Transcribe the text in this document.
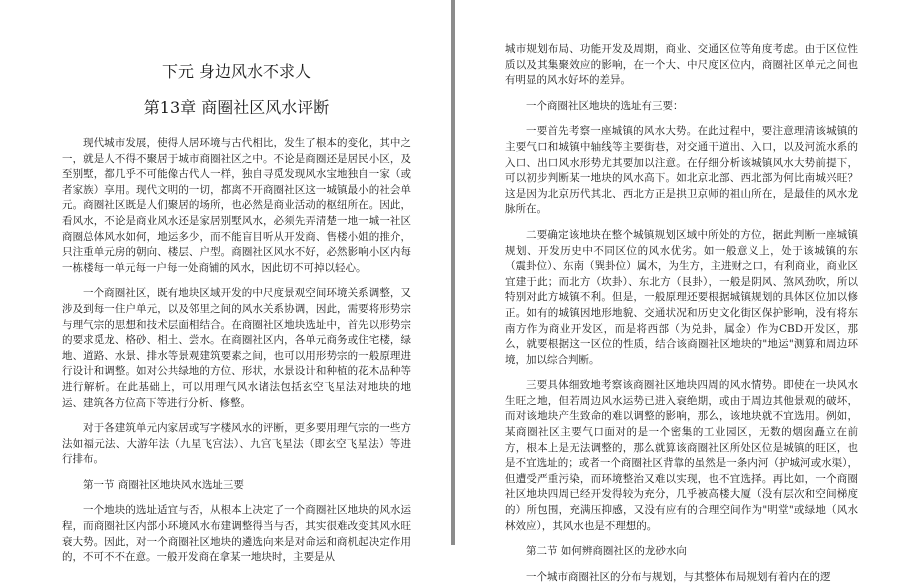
下元 身边风水不求人
第13章 商圈社区风水评断

现代城市发展，使得人居环境与古代相比，发生了根本的变化，其中之一，就是人不得不聚居于城市商圈社区之中。不论是商圈还是居民小区，及至别墅，都几乎不可能像古代人一样，独自寻觅发现风水宝地独自一家（或者家族）享用。现代文明的一切，都离不开商圈社区这一城镇最小的社会单元。商圈社区既是人们聚居的场所，也必然是商业活动的枢纽所在。因此，看风水，不论是商业风水还是家居别墅风水，必须先弄清楚一地一城一社区商圈总体风水如何，地运多少，而不能盲目听从开发商、售楼小姐的推介，只注重单元房的朝向、楼层、户型。商圈社区风水不好，必然影响小区内每一栋楼每一单元每一户每一处商铺的风水，因此切不可掉以轻心。

一个商圈社区，既有地块区域开发的中尺度景观空间环境关系调整，又涉及到每一住户单元，以及邻里之间的风水关系协调，因此，需要将形势宗与理气宗的思想和技术层面相结合。在商圈社区地块选址中，首先以形势宗的要求觅龙、格砂、相土、尝水。在商圈社区内，各单元商务或住宅楼，绿地、道路、水景、排水等景观建筑要素之间，也可以用形势宗的一般原理进行设计和调整。如对公共绿地的方位、形状，水景设计和种植的花木品种等进行解析。在此基础上，可以用理气风水诸法包括玄空飞星法对地块的地运、建筑各方位高下等进行分析、修整。

对于各建筑单元内家居或写字楼风水的评断，更多要用理气宗的一些方法如福元法、大游年法（九星飞宫法）、九宫飞星法（即玄空飞星法）等进行排布。

第一节 商圈社区地块风水选址三要

一个地块的选址适宜与否，从根本上决定了一个商圈社区地块的风水运程，而商圈社区内部小环境风水布建调整得当与否，其实很难改变其风水旺衰大势。因此，对一个商圈社区地块的遴选向来是对命运和商机起决定作用的，不可不不在意。一般开发商在拿某一地块时，主要是从

城市规划布局、功能开发及周期，商业、交通区位等角度考虑。由于区位性质以及其集聚效应的影响，在一个大、中尺度区位内，商圈社区单元之间也有明显的风水好坏的差异。

一个商圈社区地块的选址有三要：

一要首先考察一座城镇的风水大势。在此过程中，要注意理清该城镇的主要气口和城镇中轴线等主要街巷，对交通干道出、入口，以及河流水系的入口、出口风水形势尤其要加以注意。在仔细分析该城镇风水大势前提下，可以初步判断某一地块的风水高下。如北京北部、西北部为何比南城兴旺？这是因为北京历代其北、西北方正是拱卫京师的祖山所在，是最佳的风水龙脉所在。

二要确定该地块在整个城镇规划区域中所处的方位，据此判断一座城镇规划、开发历史中不同区位的风水优劣。如一般意义上，处于该城镇的东（震卦位）、东南（巽卦位）属木，为生方，主进财之口，有利商业，商业区宜建于此；而北方（坎卦）、东北方（艮卦），一般是阴风、煞风劲吹，所以特别对此方城镇不利。但是，一般原理还要根据城镇规划的具体区位加以修正。如有的城镇因地形地貌、交通状况和历史文化街区保护影响，没有将东南方作为商业开发区，而是将西部（为兑卦，属金）作为CBD开发区，那么，就要根据这一区位的性质，结合该商圈社区地块的"地运"测算和周边环境，加以综合判断。

三要具体细致地考察该商圈社区地块四周的风水情势。即使在一块风水生旺之地，但若周边风水运势已进入衰绝期，或由于周边其他景观的破坏，而对该地块产生致命的难以调整的影响，那么，该地块就不宜选用。例如，某商圈社区主要气口面对的是一个密集的工业园区，无数的烟囱矗立在前方，根本上是无法调整的，那么就算该商圈社区所处区位是城镇的旺区，也是不宜选址的；或者一个商圈社区背靠的虽然是一条内河（护城河或水渠），但遭受严重污染，而环境整治又难以实现，也不宜选择。再比如，一个商圈社区地块四周已经开发得较为充分，几乎被高楼大厦（没有层次和空间梯度的）所包围，充满压抑感，又没有应有的合理空间作为"明堂"或绿地（风水林效应），其风水也是不理想的。

第二节 如何辨商圈社区的龙砂水向

一个城市商圈社区的分布与规划，与其整体布局规划有着内在的逻
